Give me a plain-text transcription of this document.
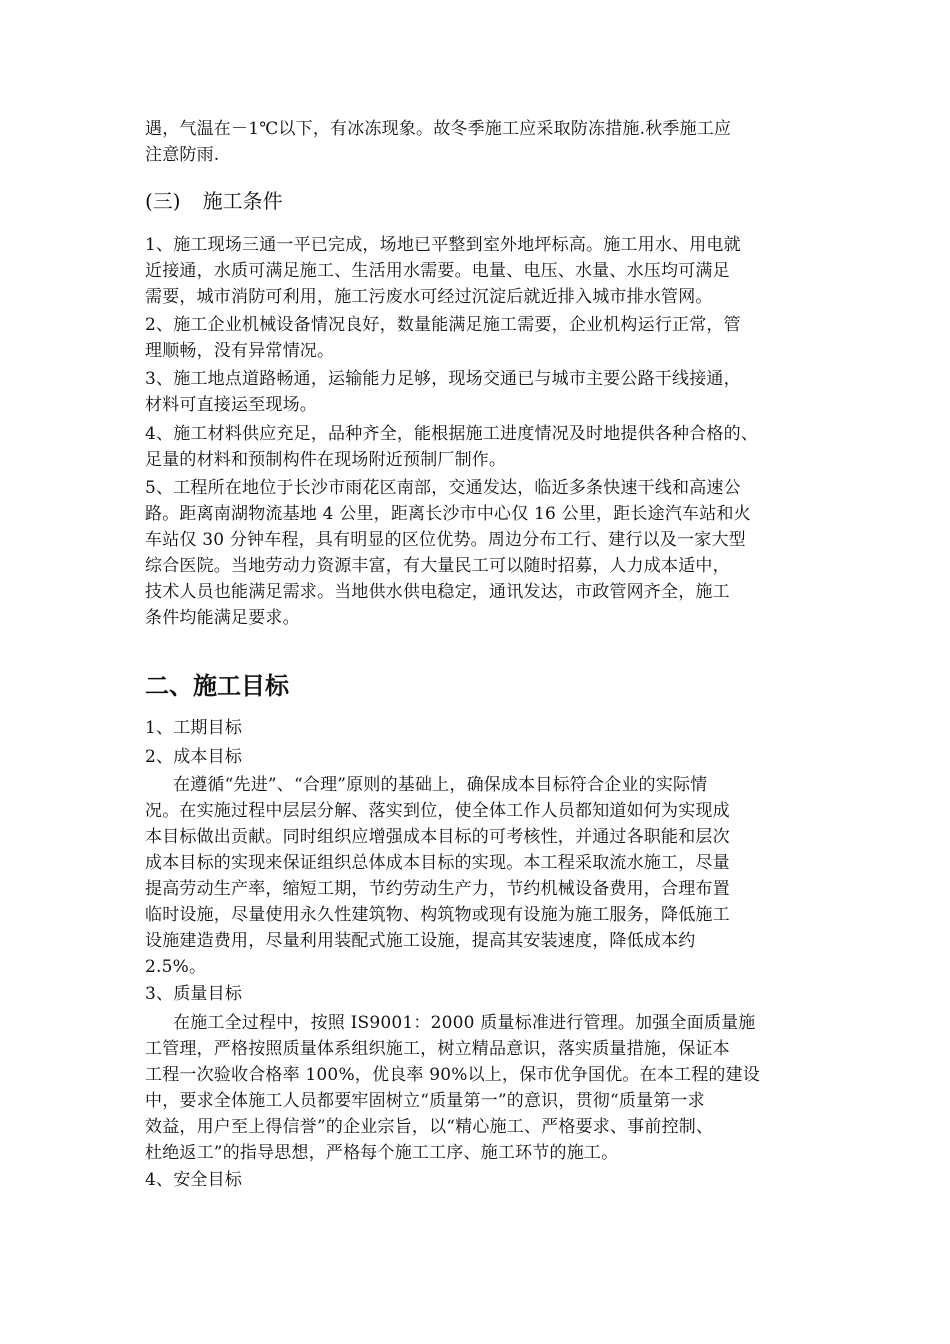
遇，气温在－1℃以下，有冰冻现象。故冬季施工应采取防冻措施.秋季施工应
注意防雨.
(三) 施工条件
1、施工现场三通一平已完成，场地已平整到室外地坪标高。施工用水、用电就
近接通，水质可满足施工、生活用水需要。电量、电压、水量、水压均可满足
需要，城市消防可利用，施工污废水可经过沉淀后就近排入城市排水管网。
2、施工企业机械设备情况良好，数量能满足施工需要，企业机构运行正常，管
理顺畅，没有异常情况。
3、施工地点道路畅通，运输能力足够，现场交通已与城市主要公路干线接通，
材料可直接运至现场。
4、施工材料供应充足，品种齐全，能根据施工进度情况及时地提供各种合格的、
足量的材料和预制构件在现场附近预制厂制作。
5、工程所在地位于长沙市雨花区南部，交通发达，临近多条快速干线和高速公
路。距离南湖物流基地 4 公里，距离长沙市中心仅 16 公里，距长途汽车站和火
车站仅 30 分钟车程，具有明显的区位优势。周边分布工行、建行以及一家大型
综合医院。当地劳动力资源丰富，有大量民工可以随时招募，人力成本适中，
技术人员也能满足需求。当地供水供电稳定，通讯发达，市政管网齐全，施工
条件均能满足要求。
二、施工目标
1、工期目标
2、成本目标
在遵循“先进”、“合理”原则的基础上，确保成本目标符合企业的实际情
况。在实施过程中层层分解、落实到位，使全体工作人员都知道如何为实现成
本目标做出贡献。同时组织应增强成本目标的可考核性，并通过各职能和层次
成本目标的实现来保证组织总体成本目标的实现。本工程采取流水施工，尽量
提高劳动生产率，缩短工期，节约劳动生产力，节约机械设备费用，合理布置
临时设施，尽量使用永久性建筑物、构筑物或现有设施为施工服务，降低施工
设施建造费用，尽量利用装配式施工设施，提高其安装速度，降低成本约
2.5%。
3、质量目标
在施工全过程中，按照 IS9001：2000 质量标准进行管理。加强全面质量施
工管理，严格按照质量体系组织施工，树立精品意识，落实质量措施，保证本
工程一次验收合格率 100%，优良率 90%以上，保市优争国优。在本工程的建设
中，要求全体施工人员都要牢固树立“质量第一”的意识，贯彻“质量第一求
效益，用户至上得信誉”的企业宗旨，以“精心施工、严格要求、事前控制、
杜绝返工”的指导思想，严格每个施工工序、施工环节的施工。
4、安全目标
